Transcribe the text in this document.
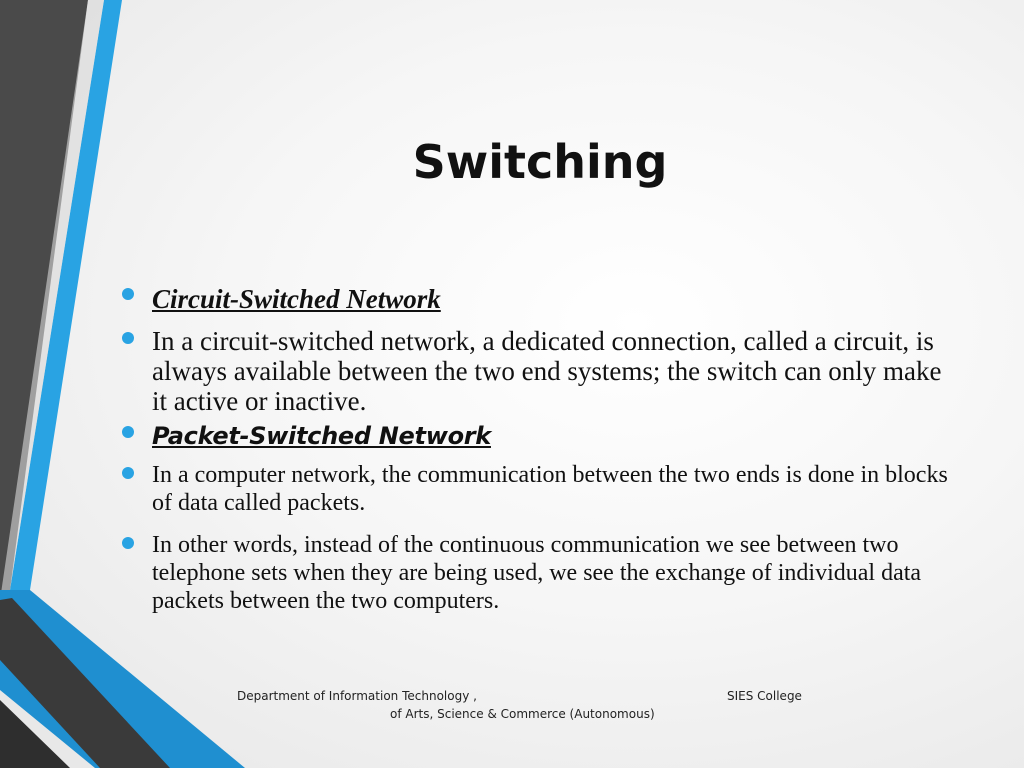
Switching
Circuit-Switched Network
In a circuit-switched network, a dedicated connection, called a circuit, is always available between the two end systems; the switch can only make it active or inactive.
Packet-Switched Network
In a computer network, the communication between the two ends is done in blocks of data called packets.
In other words, instead of the continuous communication we see between two telephone sets when they are being used, we see the exchange of individual data packets between the two computers.
Department of Information Technology ,	SIES College
of Arts, Science & Commerce (Autonomous)
